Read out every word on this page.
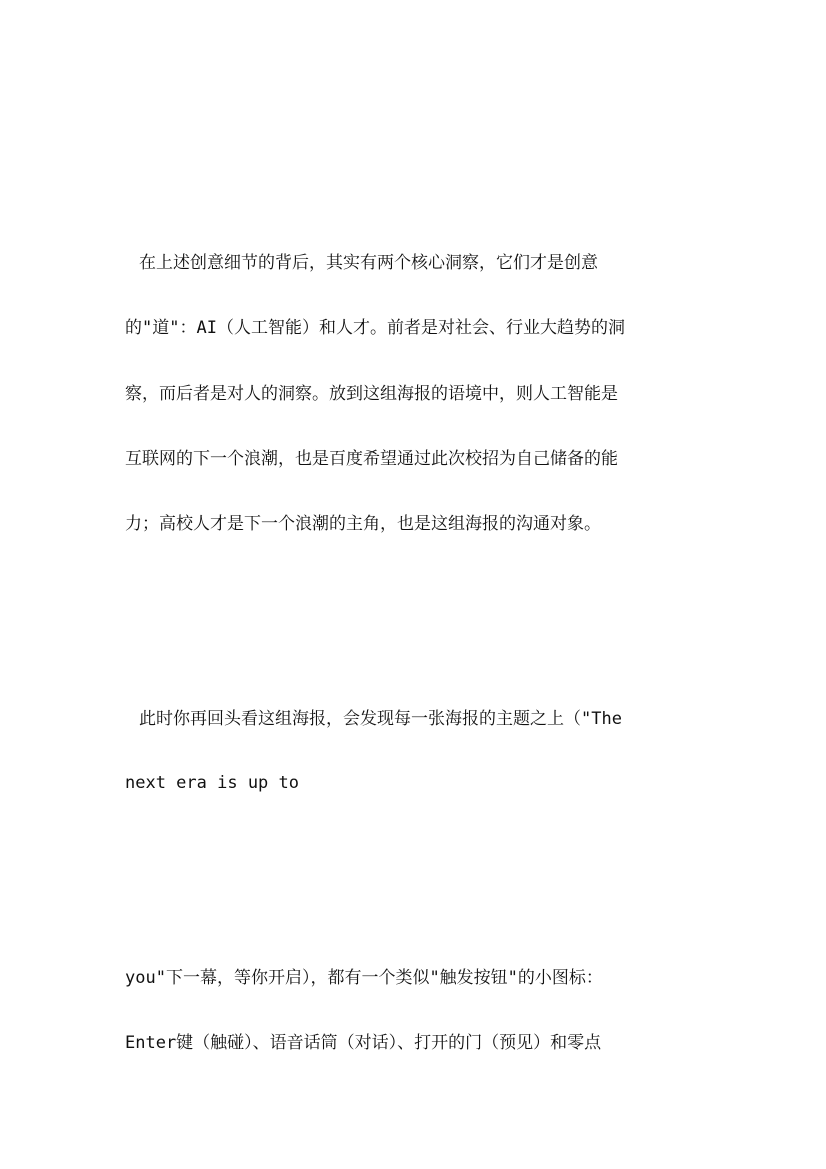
在上述创意细节的背后，其实有两个核心洞察，它们才是创意
的"道"：AI（人工智能）和人才。前者是对社会、行业大趋势的洞
察，而后者是对人的洞察。放到这组海报的语境中，则人工智能是
互联网的下一个浪潮，也是百度希望通过此次校招为自己储备的能
力；高校人才是下一个浪潮的主角，也是这组海报的沟通对象。
此时你再回头看这组海报，会发现每一张海报的主题之上（"The
next era is up to
you"下一幕，等你开启），都有一个类似"触发按钮"的小图标：
Enter键（触碰）、语音话筒（对话）、打开的门（预见）和零点
